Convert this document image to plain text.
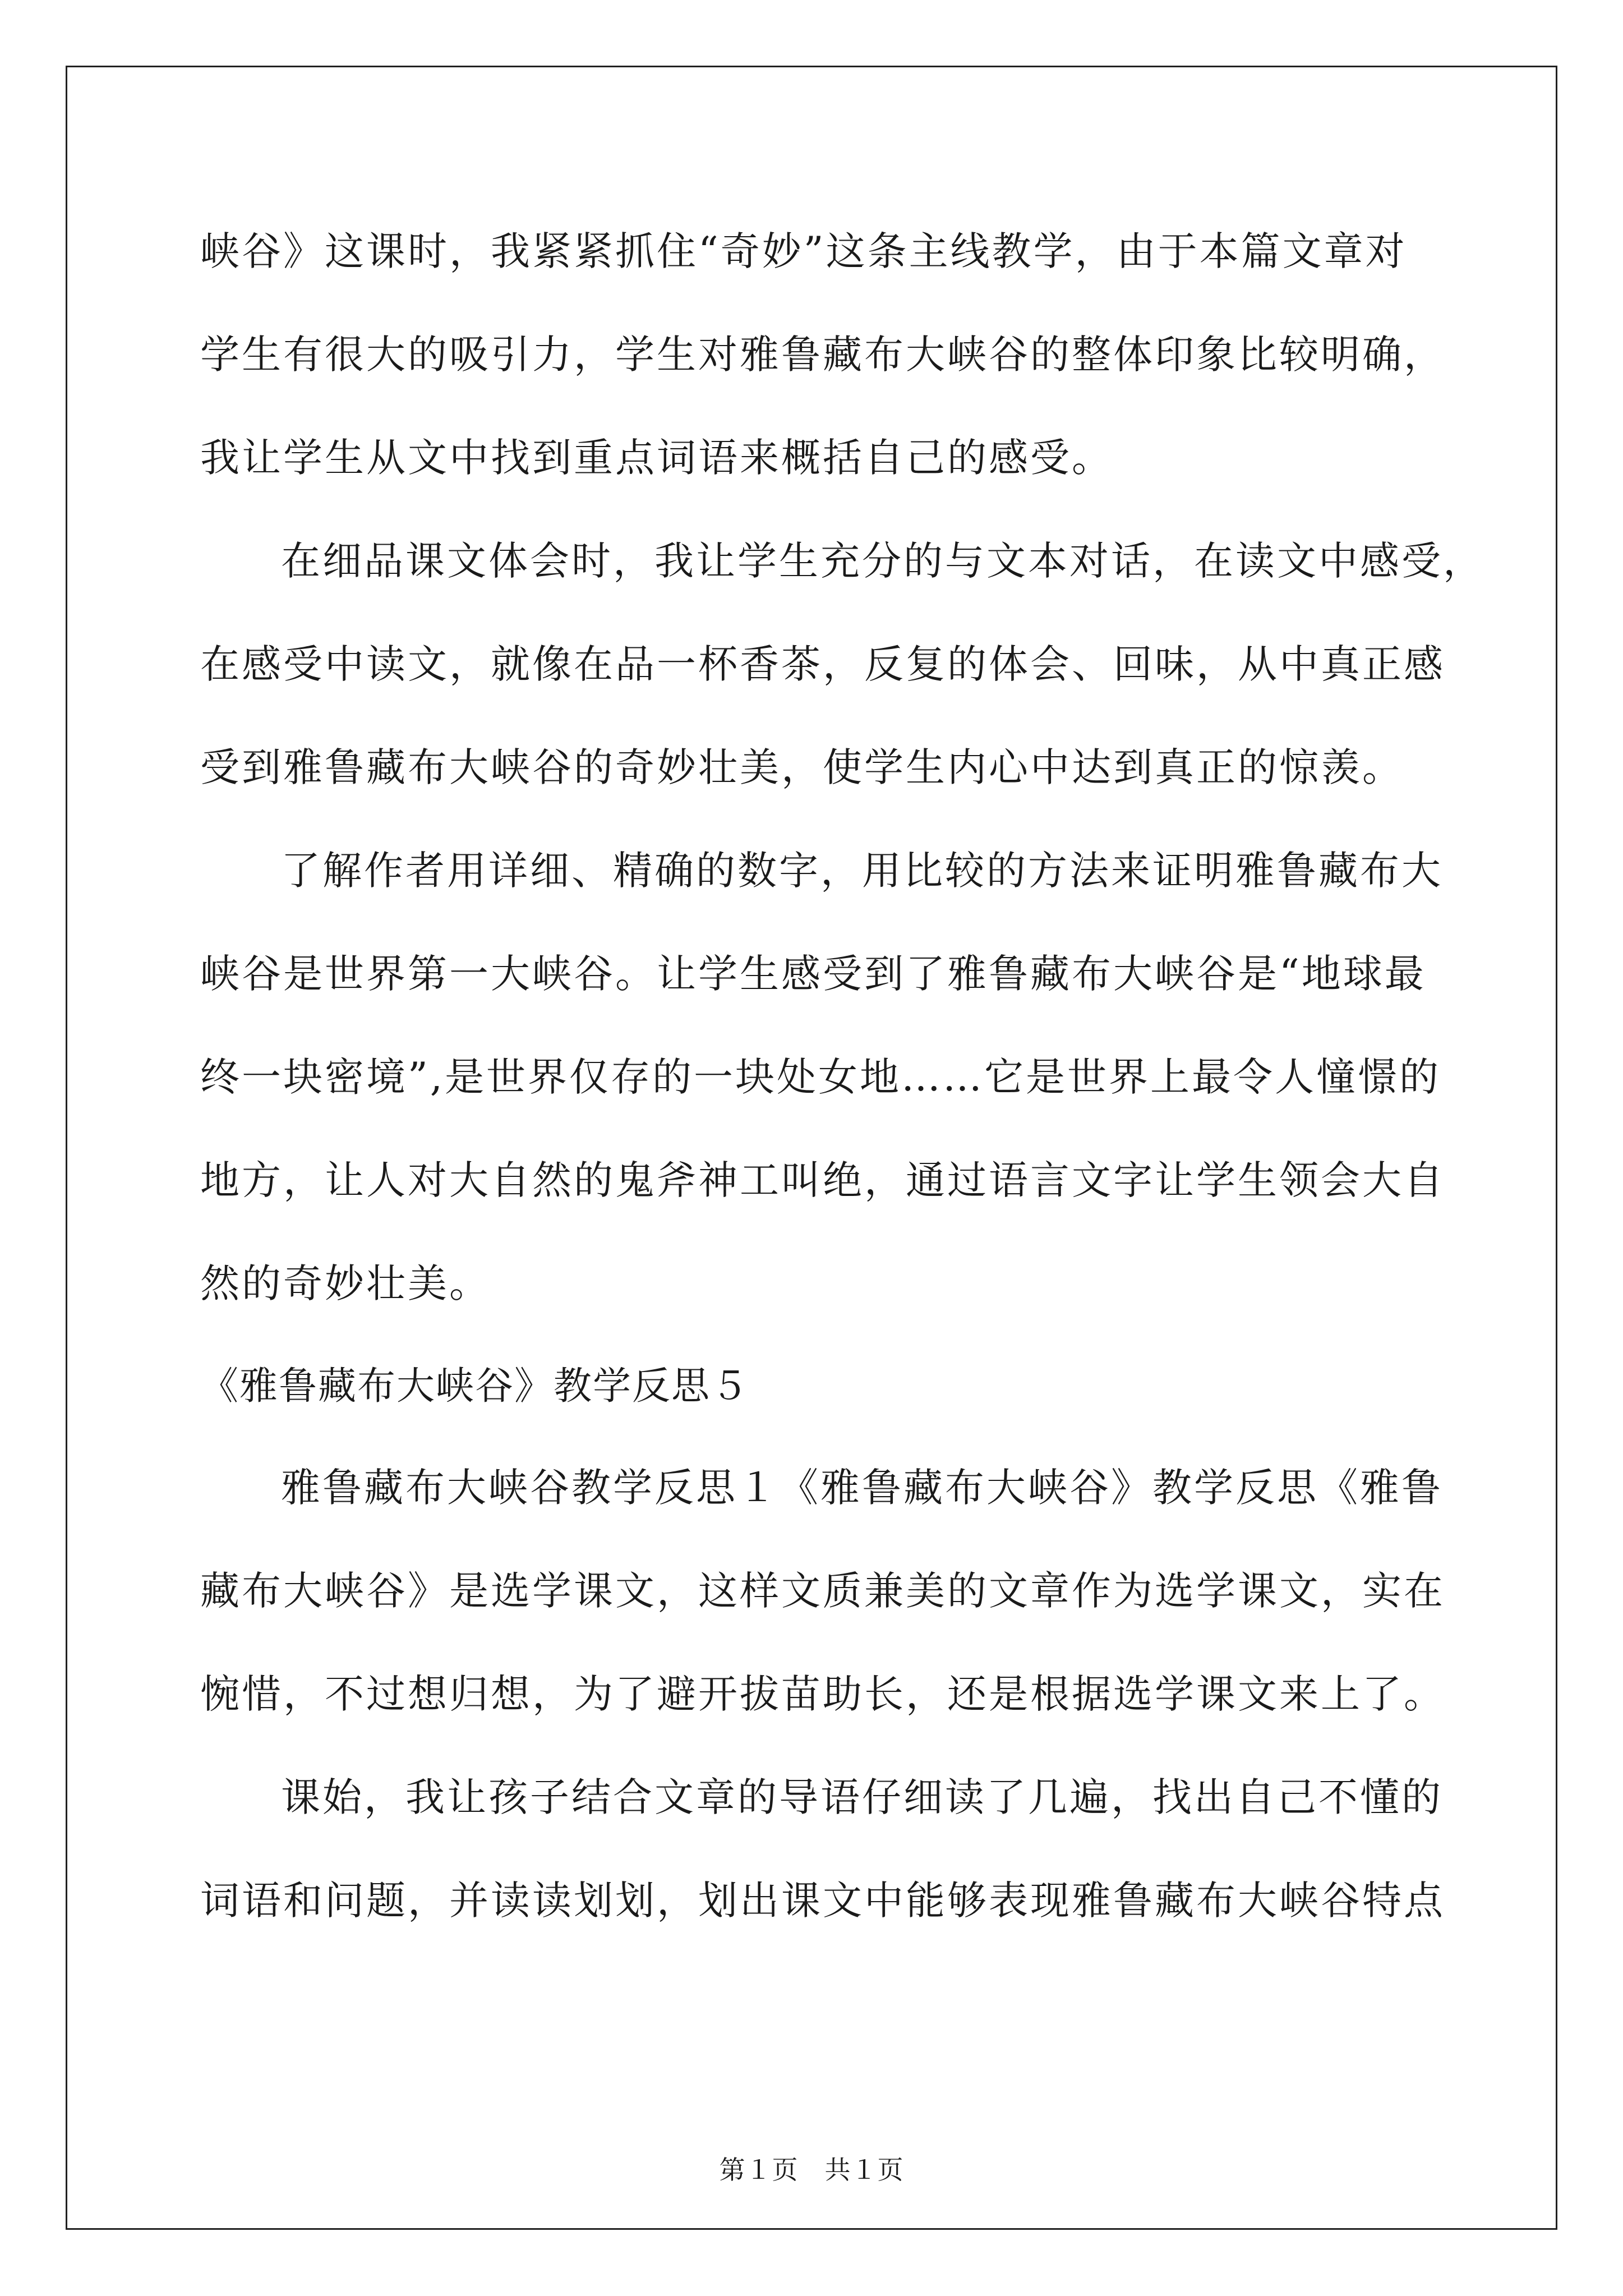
峡谷》这课时，我紧紧抓住“奇妙”这条主线教学，由于本篇文章对
学生有很大的吸引力，学生对雅鲁藏布大峡谷的整体印象比较明确，
我让学生从文中找到重点词语来概括自己的感受。
在细品课文体会时，我让学生充分的与文本对话，在读文中感受，
在感受中读文，就像在品一杯香茶，反复的体会、回味，从中真正感
受到雅鲁藏布大峡谷的奇妙壮美，使学生内心中达到真正的惊羡。
了解作者用详细、精确的数字，用比较的方法来证明雅鲁藏布大
峡谷是世界第一大峡谷。让学生感受到了雅鲁藏布大峡谷是“地球最
终一块密境”,是世界仅存的一块处女地……它是世界上最令人憧憬的
地方，让人对大自然的鬼斧神工叫绝，通过语言文字让学生领会大自
然的奇妙壮美。
《雅鲁藏布大峡谷》教学反思５
雅鲁藏布大峡谷教学反思１《雅鲁藏布大峡谷》教学反思《雅鲁
藏布大峡谷》是选学课文，这样文质兼美的文章作为选学课文，实在
惋惜，不过想归想，为了避开拔苗助长，还是根据选学课文来上了。
课始，我让孩子结合文章的导语仔细读了几遍，找出自己不懂的
词语和问题，并读读划划，划出课文中能够表现雅鲁藏布大峡谷特点
第１页　共１页
